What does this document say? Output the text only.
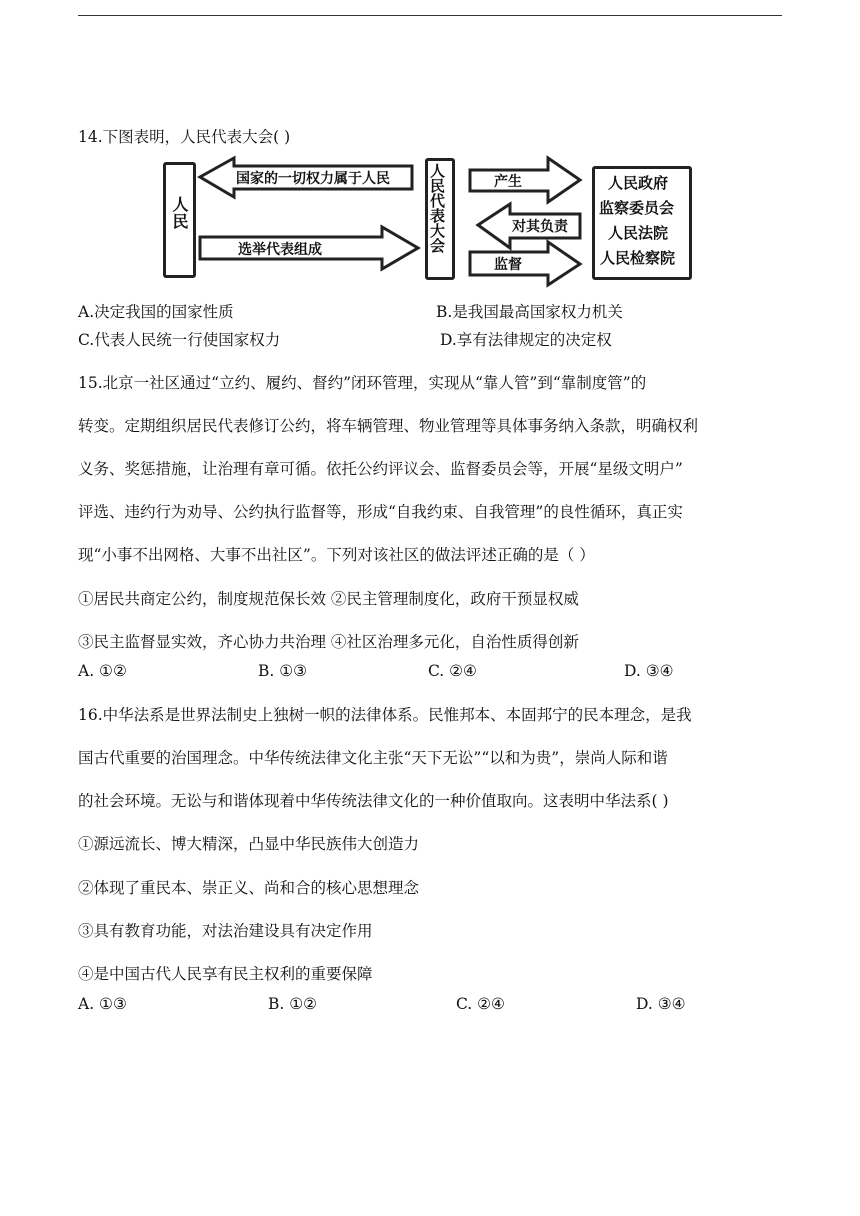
14.下图表明，人民代表大会( )
人民
国家的一切权力属于人民
选举代表组成	人民代表大会	产生
对其负责
监督
人民政府
监察委员会
人民法院
人民检察院
A.决定我国的国家性质	B.是我国最高国家权力机关
C.代表人民统一行使国家权力	D.享有法律规定的决定权
15.北京一社区通过“立约、履约、督约”闭环管理，实现从“靠人管”到“靠制度管”的
转变。定期组织居民代表修订公约，将车辆管理、物业管理等具体事务纳入条款，明确权利
义务、奖惩措施，让治理有章可循。依托公约评议会、监督委员会等，开展“星级文明户”
评选、违约行为劝导、公约执行监督等，形成“自我约束、自我管理”的良性循环，真正实
现“小事不出网格、大事不出社区”。下列对该社区的做法评述正确的是（ ）
①居民共商定公约，制度规范保长效 ②民主管理制度化，政府干预显权威
③民主监督显实效，齐心协力共治理 ④社区治理多元化，自治性质得创新
A. ①②	B. ①③	C. ②④	D. ③④
16.中华法系是世界法制史上独树一帜的法律体系。民惟邦本、本固邦宁的民本理念，是我
国古代重要的治国理念。中华传统法律文化主张“天下无讼”“以和为贵”，崇尚人际和谐
的社会环境。无讼与和谐体现着中华传统法律文化的一种价值取向。这表明中华法系( )
①源远流长、博大精深，凸显中华民族伟大创造力
②体现了重民本、崇正义、尚和合的核心思想理念
③具有教育功能，对法治建设具有决定作用
④是中国古代人民享有民主权利的重要保障
A. ①③	B. ①②	C. ②④	D. ③④
